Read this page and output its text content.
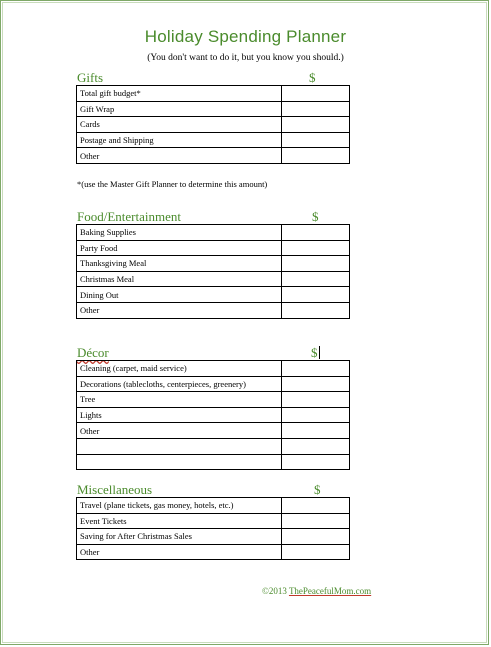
Holiday Spending Planner
(You don't want to do it, but you know you should.)
Gifts	$
Total gift budget*	
Gift Wrap	
Cards	
Postage and Shipping	
Other	
*(use the Master Gift Planner to determine this amount)
Food/Entertainment	$
Baking Supplies	
Party Food	
Thanksgiving Meal	
Christmas Meal	
Dining Out	
Other	
Décor	$
Cleaning (carpet, maid service)	
Decorations (tablecloths, centerpieces, greenery)	
Tree	
Lights	
Other	

Miscellaneous	$
Travel (plane tickets, gas money, hotels, etc.)	
Event Tickets	
Saving for After Christmas Sales	
Other	
©2013 ThePeacefulMom.com
